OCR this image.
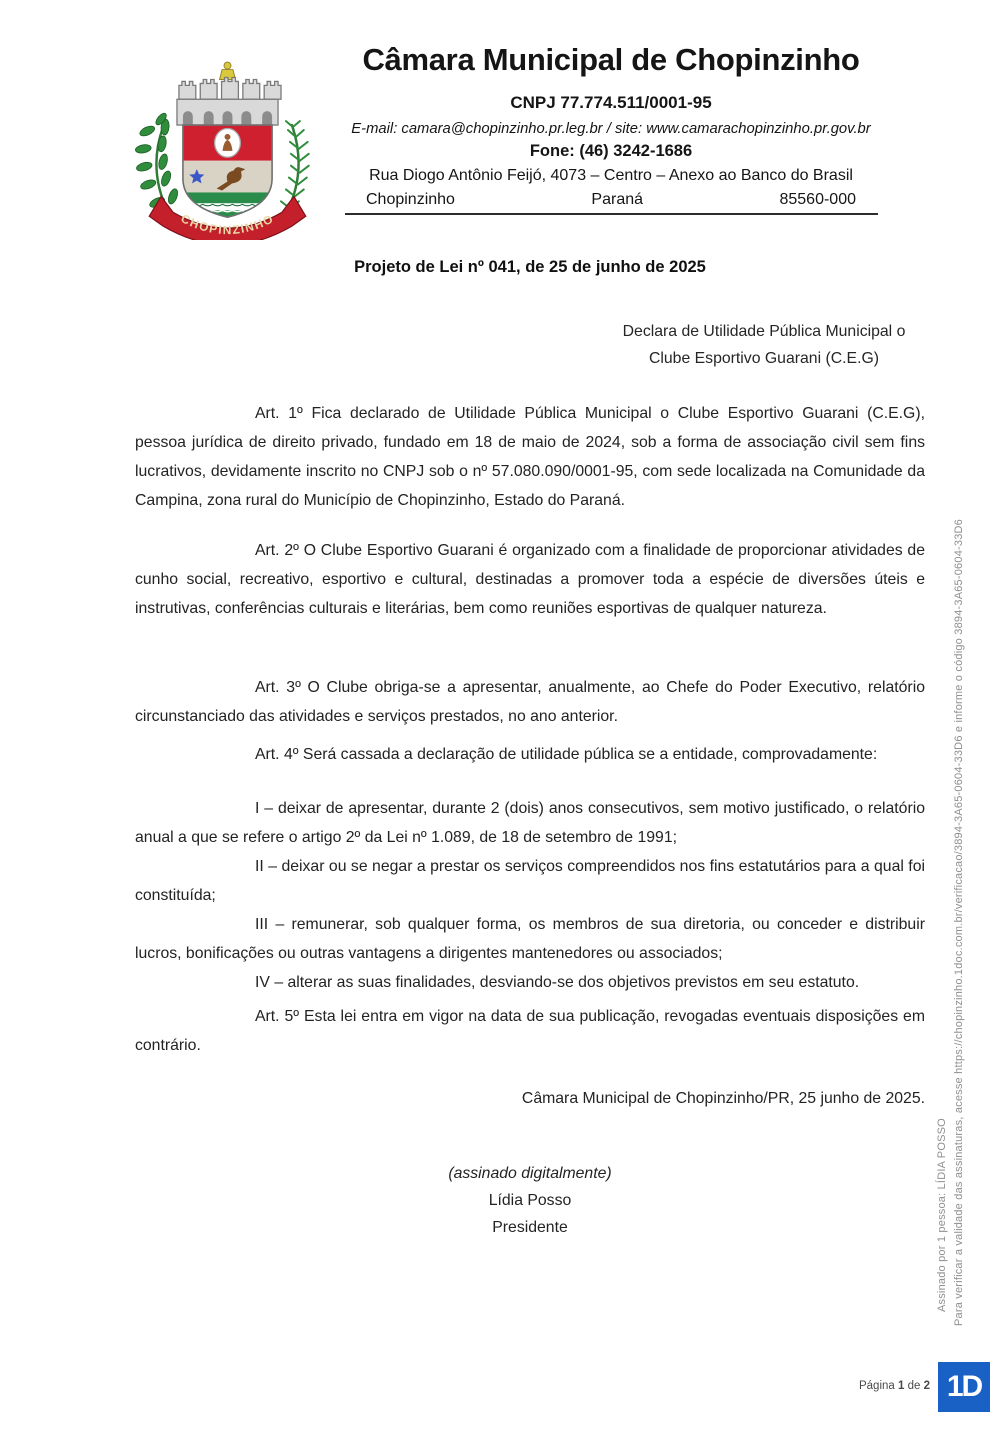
CHOPINZINHO
Câmara Municipal de Chopinzinho
CNPJ 77.774.511/0001-95
E-mail: camara@chopinzinho.pr.leg.br / site: www.camarachopinzinho.pr.gov.br
Fone: (46) 3242-1686
Rua Diogo Antônio Feijó, 4073 – Centro – Anexo ao Banco do Brasil
Chopinzinho	Paraná	85560-000
Projeto de Lei nº 041, de 25 de junho de 2025
Declara de Utilidade Pública Municipal o
Clube Esportivo Guarani (C.E.G)

Art. 1º Fica declarado de Utilidade Pública Municipal o Clube Esportivo Guarani (C.E.G), pessoa jurídica de direito privado, fundado em 18 de maio de 2024, sob a forma de associação civil sem fins lucrativos, devidamente inscrito no CNPJ sob o nº 57.080.090/0001-95, com sede localizada na Comunidade da Campina, zona rural do Município de Chopinzinho, Estado do Paraná.

Art. 2º O Clube Esportivo Guarani é organizado com a finalidade de proporcionar atividades de cunho social, recreativo, esportivo e cultural, destinadas a promover toda a espécie de diversões úteis e instrutivas, conferências culturais e literárias, bem como reuniões esportivas de qualquer natureza.

Art. 3º O Clube obriga-se a apresentar, anualmente, ao Chefe do Poder Executivo, relatório circunstanciado das atividades e serviços prestados, no ano anterior.

Art. 4º Será cassada a declaração de utilidade pública se a entidade, comprovadamente:

I – deixar de apresentar, durante 2 (dois) anos consecutivos, sem motivo justificado, o relatório anual a que se refere o artigo 2º da Lei nº 1.089, de 18 de setembro de 1991;

II – deixar ou se negar a prestar os serviços compreendidos nos fins estatutários para a qual foi constituída;

III – remunerar, sob qualquer forma, os membros de sua diretoria, ou conceder e distribuir lucros, bonificações ou outras vantagens a dirigentes mantenedores ou associados;

IV – alterar as suas finalidades, desviando-se dos objetivos previstos em seu estatuto.

Art. 5º Esta lei entra em vigor na data de sua publicação, revogadas eventuais disposições em contrário.

Câmara Municipal de Chopinzinho/PR, 25 junho de 2025.
(assinado digitalmente)
Lídia Posso
Presidente	Assinado por 1 pessoa: LÍDIA POSSO Para verificar a validade das assinaturas, acesse https://chopinzinho.1doc.com.br/verificacao/3894-3A65-0604-33D6 e informe o código 3894-3A65-0604-33D6
Página 1 de 2 1D
